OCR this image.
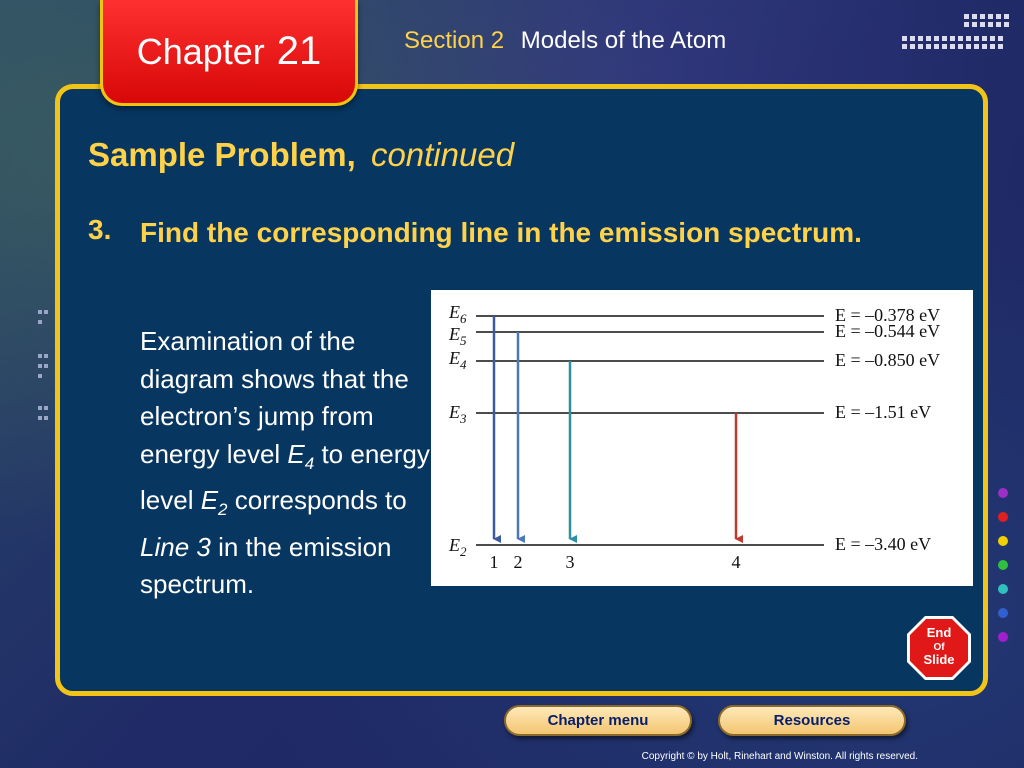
Chapter 21	Section 2 Models of the Atom
Sample Problem, continued
3. Find the corresponding line in the emission spectrum.
Examination of the diagram shows that the electron’s jump from energy level $E_4$ to energy level $E_2$ corresponds to Line 3 in the emission spectrum.
$E_6$	E = –0.378 eV
$E_5$	E = –0.544 eV
$E_4$	E = –0.850 eV
$E_3$	E = –1.51 eV
$E_2$	E = –3.40 eV
1 2 3	4
End
Of
Slide
Chapter menu	Resources
Copyright © by Holt, Rinehart and Winston. All rights reserved.
